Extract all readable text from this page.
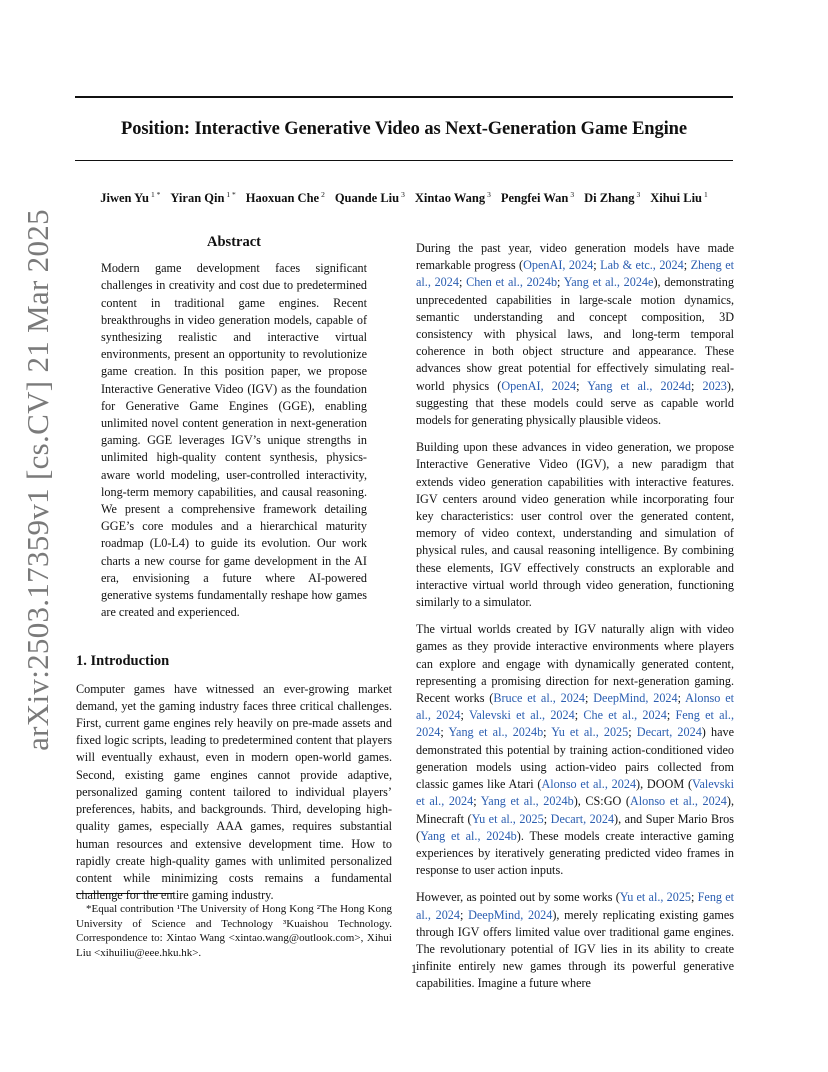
Position: Interactive Generative Video as Next-Generation Game Engine
Jiwen Yu $^{1 *}$ Yiran Qin $^{1 *}$ Haoxuan Che $^2$ Quande Liu $^3$ Xintao Wang $^3$ Pengfei Wan $^3$ Di Zhang $^3$ Xihui Liu $^1$
arXiv:2503.17359v1 [cs.CV] 21 Mar 2025	Abstract

Modern game development faces significant challenges in creativity and cost due to predetermined content in traditional game engines. Recent breakthroughs in video generation models, capable of synthesizing realistic and interactive virtual environments, present an opportunity to revolutionize game creation. In this position paper, we propose Interactive Generative Video (IGV) as the foundation for Generative Game Engines (GGE), enabling unlimited novel content generation in next-generation gaming. GGE leverages IGV’s unique strengths in unlimited high-quality content synthesis, physics-aware world modeling, user-controlled interactivity, long-term memory capabilities, and causal reasoning. We present a comprehensive framework detailing GGE’s core modules and a hierarchical maturity roadmap (L0-L4) to guide its evolution. Our work charts a new course for game development in the AI era, envisioning a future where AI-powered generative systems fundamentally reshape how games are created and experienced.

1. Introduction

Computer games have witnessed an ever-growing market demand, yet the gaming industry faces three critical challenges. First, current game engines rely heavily on pre-made assets and fixed logic scripts, leading to predetermined content that players will eventually exhaust, even in modern open-world games. Second, existing game engines cannot provide adaptive, personalized gaming content tailored to individual players’ preferences, habits, and backgrounds. Third, developing high-quality games, especially AAA games, requires substantial human resources and extensive development time. How to rapidly create high-quality games with unlimited personalized content while minimizing costs remains a fundamental challenge for the entire gaming industry.

*Equal contribution ¹The University of Hong Kong ²The Hong Kong University of Science and Technology ³Kuaishou Technology. Correspondence to: Xintao Wang <xintao.wang@outlook.com>, Xihui Liu <xihuiliu@eee.hku.hk>.

During the past year, video generation models have made remarkable progress (OpenAI, 2024; Lab & etc., 2024; Zheng et al., 2024; Chen et al., 2024b; Yang et al., 2024e), demonstrating unprecedented capabilities in large-scale motion dynamics, semantic understanding and concept composition, 3D consistency with physical laws, and long-term temporal coherence in both object structure and appearance. These advances show great potential for effectively simulating real-world physics (OpenAI, 2024; Yang et al., 2024d; 2023), suggesting that these models could serve as capable world models for generating physically plausible videos.

Building upon these advances in video generation, we propose Interactive Generative Video (IGV), a new paradigm that extends video generation capabilities with interactive features. IGV centers around video generation while incorporating four key characteristics: user control over the generated content, memory of video context, understanding and simulation of physical rules, and causal reasoning intelligence. By combining these elements, IGV effectively constructs an explorable and interactive virtual world through video generation, functioning similarly to a simulator.

The virtual worlds created by IGV naturally align with video games as they provide interactive environments where players can explore and engage with dynamically generated content, representing a promising direction for next-generation gaming. Recent works (Bruce et al., 2024; DeepMind, 2024; Alonso et al., 2024; Valevski et al., 2024; Che et al., 2024; Feng et al., 2024; Yang et al., 2024b; Yu et al., 2025; Decart, 2024) have demonstrated this potential by training action-conditioned video generation models using action-video pairs collected from classic games like Atari (Alonso et al., 2024), DOOM (Valevski et al., 2024; Yang et al., 2024b), CS:GO (Alonso et al., 2024), Minecraft (Yu et al., 2025; Decart, 2024), and Super Mario Bros (Yang et al., 2024b). These models create interactive gaming experiences by iteratively generating predicted video frames in response to user action inputs.

However, as pointed out by some works (Yu et al., 2025; Feng et al., 2024; DeepMind, 2024), merely replicating existing games through IGV offers limited value over traditional game engines. The revolutionary potential of IGV lies in its ability to create infinite entirely new games through its powerful generative capabilities. Imagine a future where

1
